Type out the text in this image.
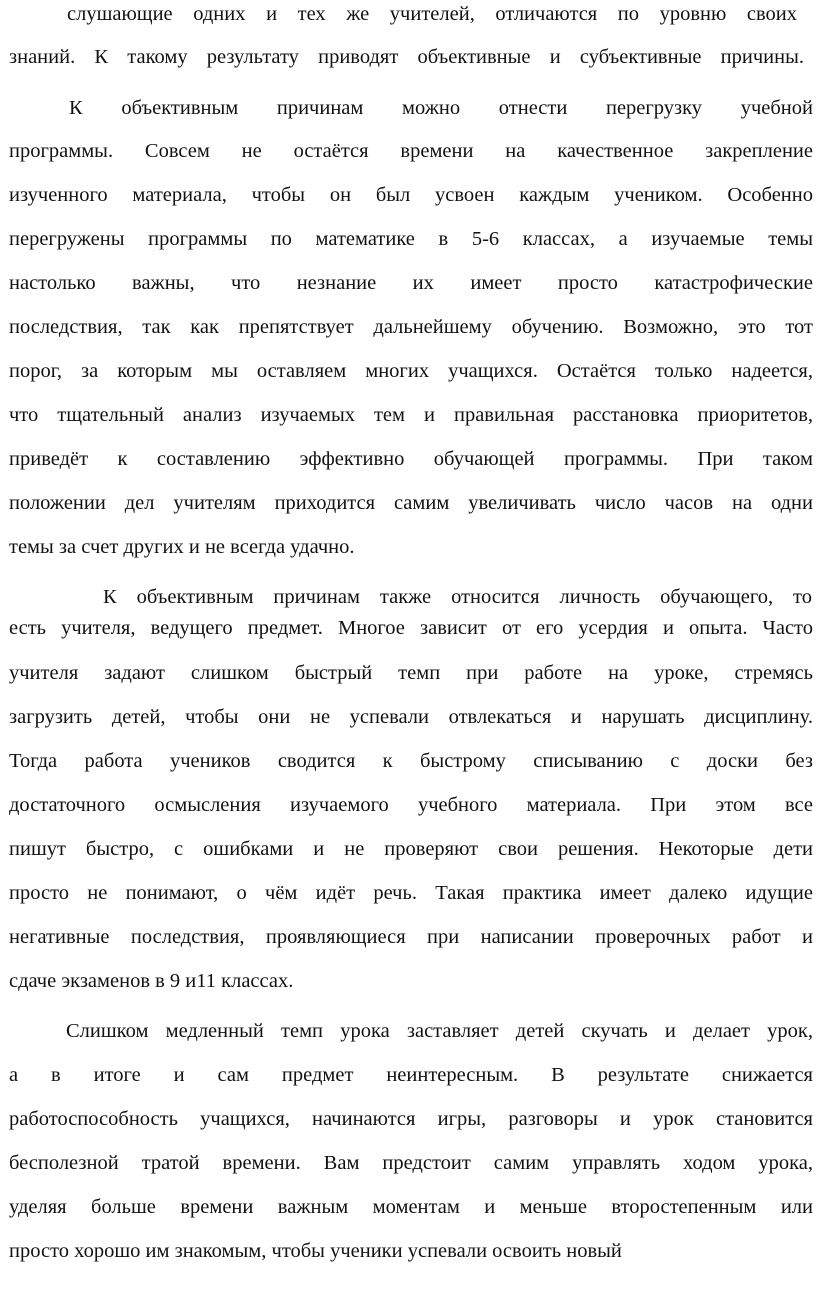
слушающие одних и тех же учителей, отличаются по уровню своих
знаний. К такому результату приводят объективные и субъективные причины.
К объективным причинам можно отнести перегрузку учебной
программы. Совсем не остаётся времени на качественное закрепление
изученного материала, чтобы он был усвоен каждым учеником. Особенно
перегружены программы по математике в 5-6 классах, а изучаемые темы
настолько важны, что незнание их имеет просто катастрофические
последствия, так как препятствует дальнейшему обучению. Возможно, это тот
порог, за которым мы оставляем многих учащихся. Остаётся только надеется,
что тщательный анализ изучаемых тем и правильная расстановка приоритетов,
приведёт к составлению эффективно обучающей программы. При таком
положении дел учителям приходится самим увеличивать число часов на одни
темы за счет других и не всегда удачно.
К объективным причинам также относится личность обучающего, то
есть учителя, ведущего предмет. Многое зависит от его усердия и опыта. Часто
учителя задают слишком быстрый темп при работе на уроке, стремясь
загрузить детей, чтобы они не успевали отвлекаться и нарушать дисциплину.
Тогда работа учеников сводится к быстрому списыванию с доски без
достаточного осмысления изучаемого учебного материала. При этом все
пишут быстро, с ошибками и не проверяют свои решения. Некоторые дети
просто не понимают, о чём идёт речь. Такая практика имеет далеко идущие
негативные последствия, проявляющиеся при написании проверочных работ и
сдаче экзаменов в 9 и11 классах.
Слишком медленный темп урока заставляет детей скучать и делает урок,
а в итоге и сам предмет неинтересным. В результате снижается
работоспособность учащихся, начинаются игры, разговоры и урок становится
бесполезной тратой времени. Вам предстоит самим управлять ходом урока,
уделяя больше времени важным моментам и меньше второстепенным или
просто хорошо им знакомым, чтобы ученики успевали освоить новый
